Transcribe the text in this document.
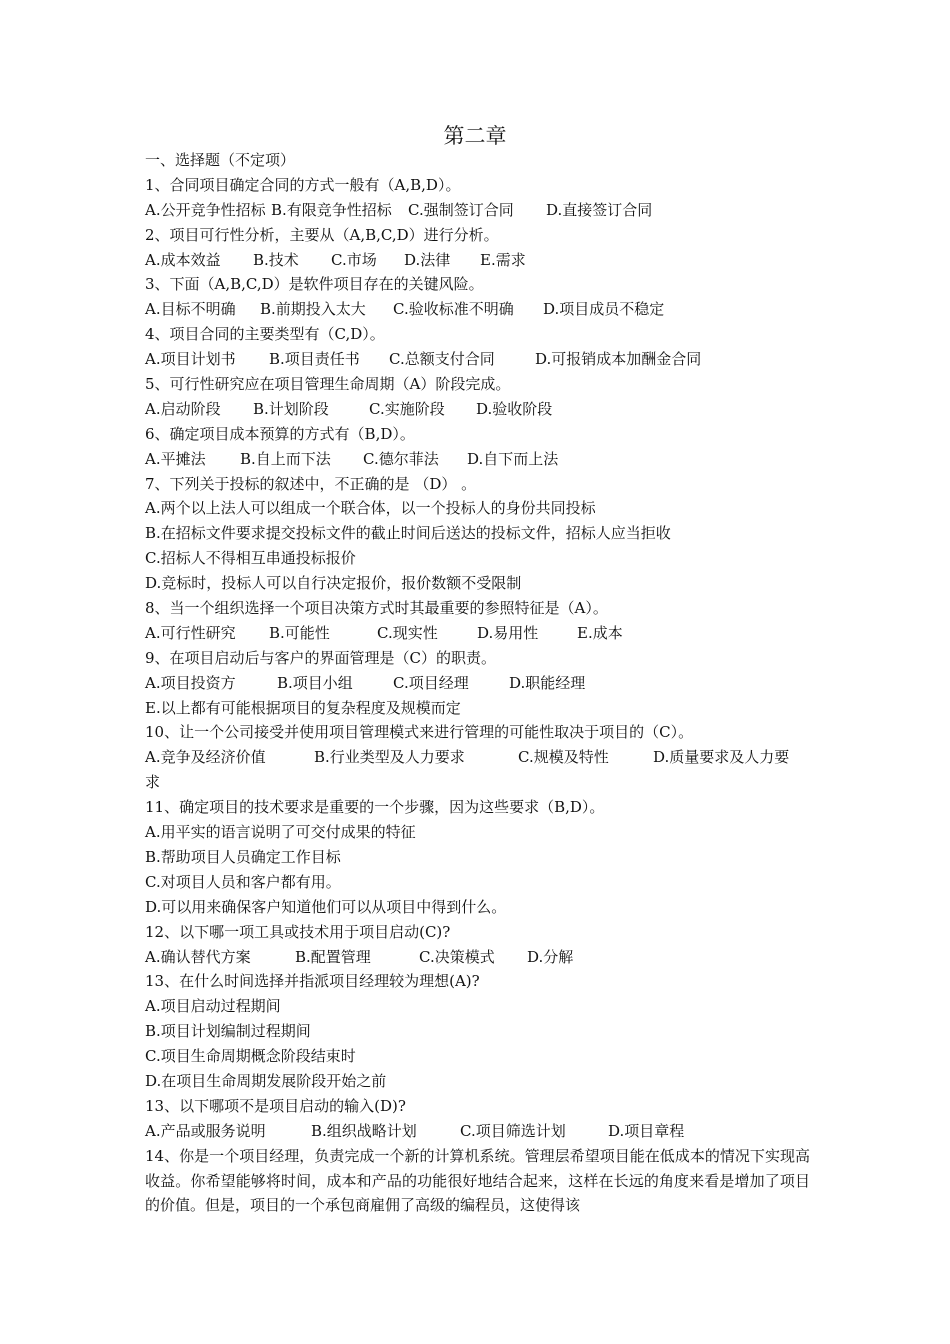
第二章
一、选择题（不定项）
1、合同项目确定合同的方式一般有（A,B,D）。
A.公开竞争性招标 B.有限竞争性招标	C.强制签订合同	D.直接签订合同
2、项目可行性分析，主要从（A,B,C,D）进行分析。
A.成本效益	B.技术	C.市场	D.法律	E.需求
3、下面（A,B,C,D）是软件项目存在的关键风险。
A.目标不明确	B.前期投入太大	C.验收标准不明确	D.项目成员不稳定
4、项目合同的主要类型有（C,D）。
A.项目计划书	B.项目责任书	C.总额支付合同	D.可报销成本加酬金合同
5、可行性研究应在项目管理生命周期（A）阶段完成。
A.启动阶段	B.计划阶段	C.实施阶段	D.验收阶段
6、确定项目成本预算的方式有（B,D）。
A.平摊法	B.自上而下法	C.德尔菲法	D.自下而上法
7、下列关于投标的叙述中，不正确的是 （D） 。
A.两个以上法人可以组成一个联合体，以一个投标人的身份共同投标
B.在招标文件要求提交投标文件的截止时间后送达的投标文件，招标人应当拒收
C.招标人不得相互串通投标报价
D.竞标时，投标人可以自行决定报价，报价数额不受限制
8、当一个组织选择一个项目决策方式时其最重要的参照特征是（A）。
A.可行性研究	B.可能性	C.现实性	D.易用性	E.成本
9、在项目启动后与客户的界面管理是（C）的职责。
A.项目投资方	B.项目小组	C.项目经理	D.职能经理
E.以上都有可能根据项目的复杂程度及规模而定
10、让一个公司接受并使用项目管理模式来进行管理的可能性取决于项目的（C）。
A.竞争及经济价值	B.行业类型及人力要求	C.规模及特性	D.质量要求及人力要
求
11、确定项目的技术要求是重要的一个步骤，因为这些要求（B,D）。
A.用平实的语言说明了可交付成果的特征
B.帮助项目人员确定工作目标
C.对项目人员和客户都有用。
D.可以用来确保客户知道他们可以从项目中得到什么。
12、以下哪一项工具或技术用于项目启动(C)?
A.确认替代方案	B.配置管理	C.决策模式	D.分解
13、在什么时间选择并指派项目经理较为理想(A)?
A.项目启动过程期间
B.项目计划编制过程期间
C.项目生命周期概念阶段结束时
D.在项目生命周期发展阶段开始之前
13、以下哪项不是项目启动的输入(D)?
A.产品或服务说明	B.组织战略计划	C.项目筛选计划	D.项目章程
14、你是一个项目经理，负责完成一个新的计算机系统。管理层希望项目能在低成本的情况下实现高收益。你希望能够将时间，成本和产品的功能很好地结合起来，这样在长远的角度来看是增加了项目的价值。但是，项目的一个承包商雇佣了高级的编程员，这使得该
